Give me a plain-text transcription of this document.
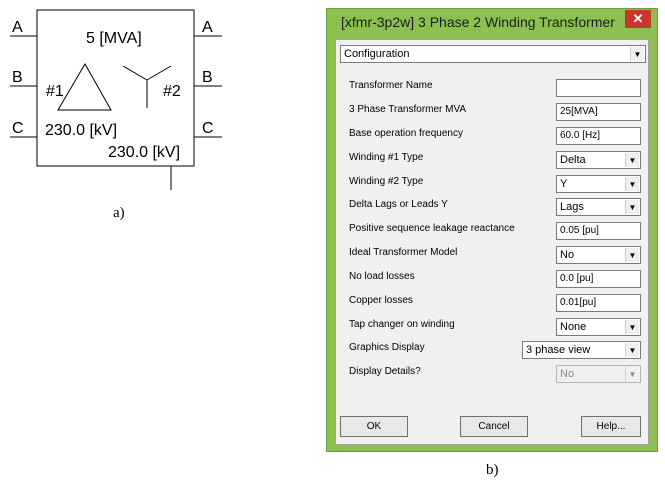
A
B
C
A
B
C
5 [MVA]
#1	#2
230.0 [kV]
230.0 [kV]
a)
[xfmr-3p2w] 3 Phase 2 Winding Transformer	✕
Configuration	▼
Transformer Name
3 Phase Transformer MVA	25[MVA]
Base operation frequency	60.0 [Hz]
Winding #1 Type	Delta	▼
Winding #2 Type	Y	▼
Delta Lags or Leads Y	Lags	▼
Positive sequence leakage reactance	0.05 [pu]
Ideal Transformer Model	No	▼
No load losses	0.0 [pu]
Copper losses	0.01[pu]
Tap changer on winding	None	▼
Graphics Display	3 phase view	▼
Display Details?	No	▼
OK	Cancel	Help...
b)
